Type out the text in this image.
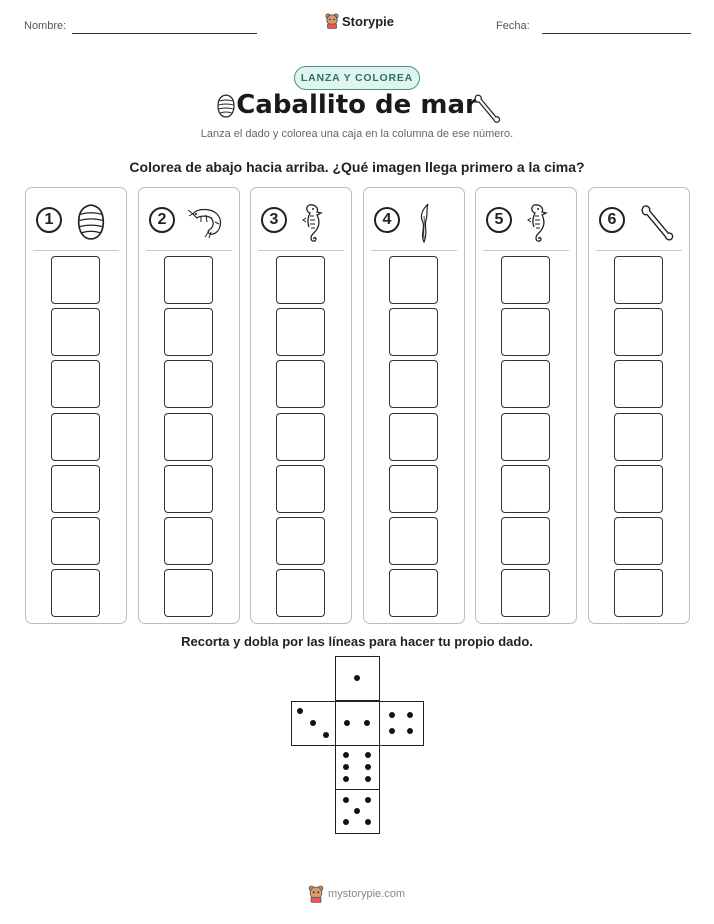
Nombre:	Storypie	Fecha:
LANZA Y COLOREA
Caballito de mar
Lanza el dado y colorea una caja en la columna de ese número.
Colorea de abajo hacia arriba. ¿Qué imagen llega primero a la cima?
1	2	3	4	5	6
Recorta y dobla por las líneas para hacer tu propio dado.
mystorypie.com
